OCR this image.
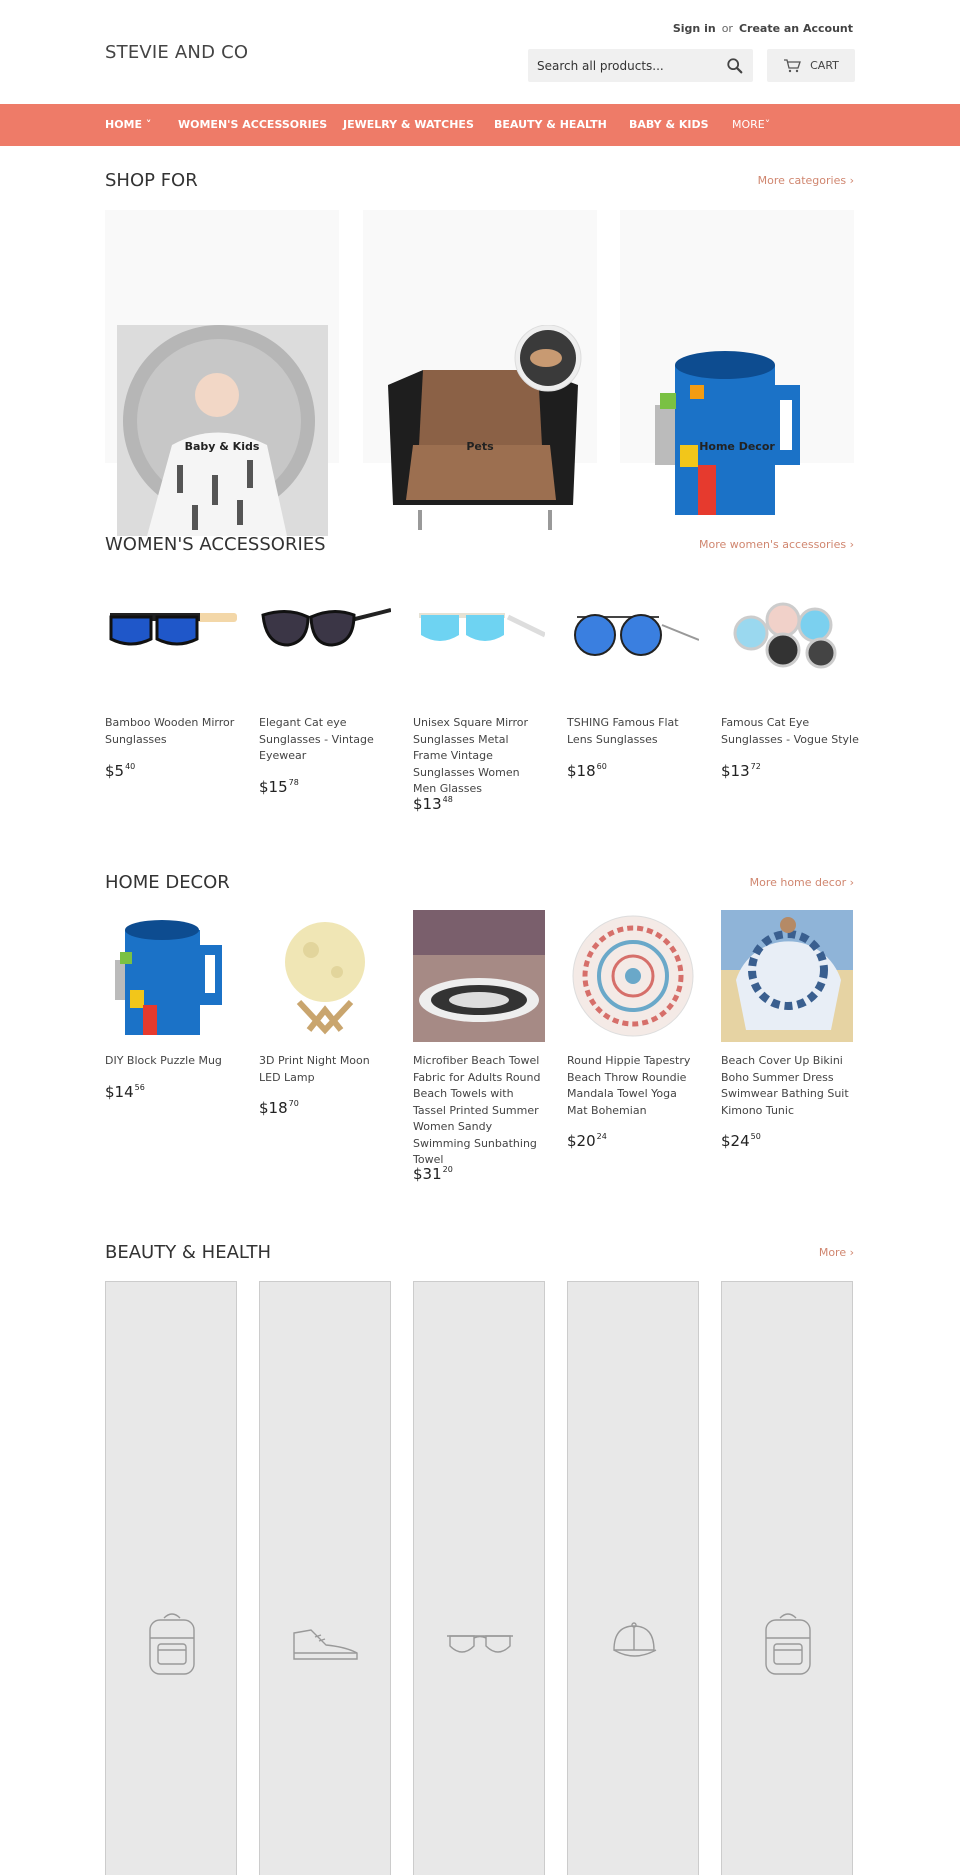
Sign in or Create an Account
STEVIE AND CO
Search all products...
CART
HOME ˅ WOMEN'S ACCESSORIES JEWELRY & WATCHES BEAUTY & HEALTH BABY & KIDS MORE˅
SHOP FOR	More categories ›
Baby & Kids	Pets	Home Decor
WOMEN'S ACCESSORIES	More women's accessories ›
Bamboo Wooden Mirror Sunglasses
Elegant Cat eye Sunglasses - Vintage Eyewear
Unisex Square Mirror Sunglasses Metal Frame Vintage Sunglasses Women Men Glasses
TSHING Famous Flat Lens Sunglasses
Famous Cat Eye Sunglasses - Vogue Style
$\$5^{40}$
$\$15^{78}$
$\$13^{48}$
$\$18^{60}$	$\$13^{72}$
HOME DECOR	More home decor ›
DIY Block Puzzle Mug	3D Print Night Moon LED Lamp
Microfiber Beach Towel Fabric for Adults Round Beach Towels with Tassel Printed Summer Women Sandy Swimming Sunbathing Towel
Round Hippie Tapestry Beach Throw Roundie Mandala Towel Yoga Mat Bohemian
Beach Cover Up Bikini Boho Summer Dress Swimwear Bathing Suit Kimono Tunic
$\$14^{56}$
$\$18^{70}$
$\$31^{20}$
$\$20^{24}$	$\$24^{50}$
BEAUTY & HEALTH	More ›
